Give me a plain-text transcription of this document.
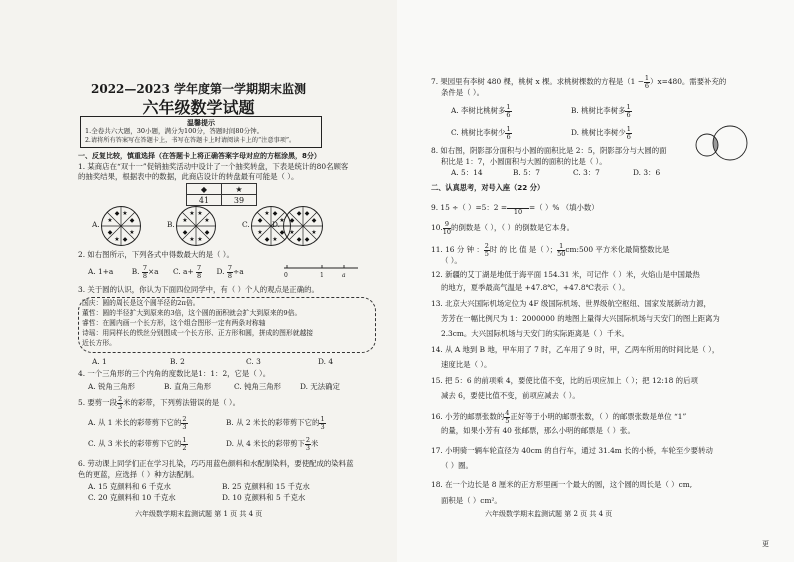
2022—2023 学年度第一学期期末监测
六年级数学试题
温馨提示
1.全卷共六大题，30小题，满分为100分，答题时间80分钟。
2.请将所有答案写在答题卡上，书写在答题卡上时请阅读卡上的“注意事项”。
一、反复比较，慎重选择（在答题卡上将正确答案字母对应的方框涂黑，8分）
1. 某商店在“双十一”促销抽奖活动中设计了一个抽奖转盘，下表是统计的80名顾客
的抽奖结果，根据表中的数据，此商店设计的转盘最有可能是（ ）。
◆	★
41	39
A.	B.	C.	D.
★
◆
★
◆
★
◆
★
◆	★
★
◆
★
★
◆
★
★	◆
★
◆
★
◆
★
◆
★	◆
◆
★
◆
◆
★
◆
◆
2. 如右图所示，下列各式中得数最大的是（ ）。
A. 1+a B. $\frac{7}{8} \times a$ C. $a+ \frac{7}{8} D$. $\frac{7}{8} \div a$	0	1	a
3. 关于圆的认识，你认为下面四位同学中，有（ ）个人的观点是正确的。
国庆：圆的周长是这个圆半径的2π倍。
董哲：圆的半径扩大到原来的3倍，这个圆的面积就会扩大到原来的9倍。
睿哲：在圆内画一个长方形，这个组合图形一定有两条对称轴
诗瑶：用同样长的铁丝分别围成一个长方形、正方形和圆，拼成的图形就越接
近长方形。
A. 1	B. 2	C. 3	D. 4
4. 一个三角形的三个内角的度数比是1：1：2，它是（ ）。
A. 锐角三角形	B. 直角三角形	C. 钝角三角形	D. 无法确定
5. 要剪一段 $\frac{2}{3}$ 米的彩带，下列剪法错误的是（ ）。
A. 从 1 米长的彩带剪下它的 $\frac{2}{3}$	B. 从 2 米长的彩带剪下它的 $\frac{1}{3}$
C. 从 3 米长的彩带剪下它的 $\frac{1}{2}$	D. 从 4 米长的彩带剪下 $\frac{2}{3}$ 米
6. 劳动课上同学们正在学习扎染，巧巧用蓝色颜料和水配制染料，要使配成的染料蓝
色的更蓝，应选择（ ）种方法配制。
A. 15 克颜料和 6 千克水	B. 25 克颜料和 15 千克水
C. 20 克颜料和 10 千克水	D. 10 克颜料和 5 千克水
六年级数学期末监测试题 第 1 页 共 4 页
7. 果园里有李树 480 棵，桃树 x 棵。求桃树棵数的方程是$(1 - \frac{1}{6} )x=480$。需要补充的
条件是（ ）。
A. 李树比桃树多 $\frac{1}{6}$	B. 桃树比李树多 $\frac{1}{6}$
C. 桃树比李树少 $\frac{1}{6}$	D. 桃树比李树少 $\frac{1}{6}$
8. 如右图，阴影部分面积与小圆的面积比是 2：5，阴影部分与大圆的面
积比是 1：7，小圆面积与大圆的面积的比是（ ）。
A. 5：14	B. 5：7	C. 3：7	D. 3：6
二、认真思考，对号入座（22 分）
9. 15 ÷（ ）=5：2 =
	10 =（ ）% （填小数）
10. $\frac{9}{10}$ 的倒数是（ ），（ ）的倒数是它本身。
11. 16 分 钟 ： $\frac{2}{5}$ 时 的 比 值 是（ ）； $\frac{1}{50}$ cm:500 平方米化最简整数比是
（ ）。
12. 新疆的艾丁湖是地低于海平面 154.31 米，可记作（ ）米，火焰山是中国最热
的地方，夏季最高气温是 +47.8℃，+47.8℃表示（ ）。
13. 北京大兴国际机场定位为 4F 级国际机场、世界级航空枢纽、国家发展新动力源，
芳芳在一幅比例尺为 1：2000000 的地图上量得大兴国际机场与天安门的图上距离为
2.3cm。大兴国际机场与天安门的实际距离是（ ）千米。
14. 从 A 地到 B 地，甲车用了 7 时，乙车用了 9 时，甲，乙两车所用的时间比是（ ），
速度比是（ ）。
15. 把 5：6 的前项乘 4，要使比值不变，比的后项应加上（ ）；把 12:18 的后项
减去 6，要使比值不变，前项应减去（ ）。
16. 小芳的邮票张数的 $\frac{4}{5}$ 正好等于小明的邮票张数，（ ）的邮票张数是单位 “1”
的量，如果小芳有 40 张邮票，那么小明的邮票是（ ）张。
17. 小明骑一辆车轮直径为 40cm 的自行车，通过 31.4m 长的小桥，车轮至少要转动
（ ）圈。
18. 在一个边长是 8 厘米的正方形里画一个最大的圆，这个圆的周长是（ ）cm,
面积是（ ）cm²。
六年级数学期末监测试题 第 2 页 共 4 页
更
